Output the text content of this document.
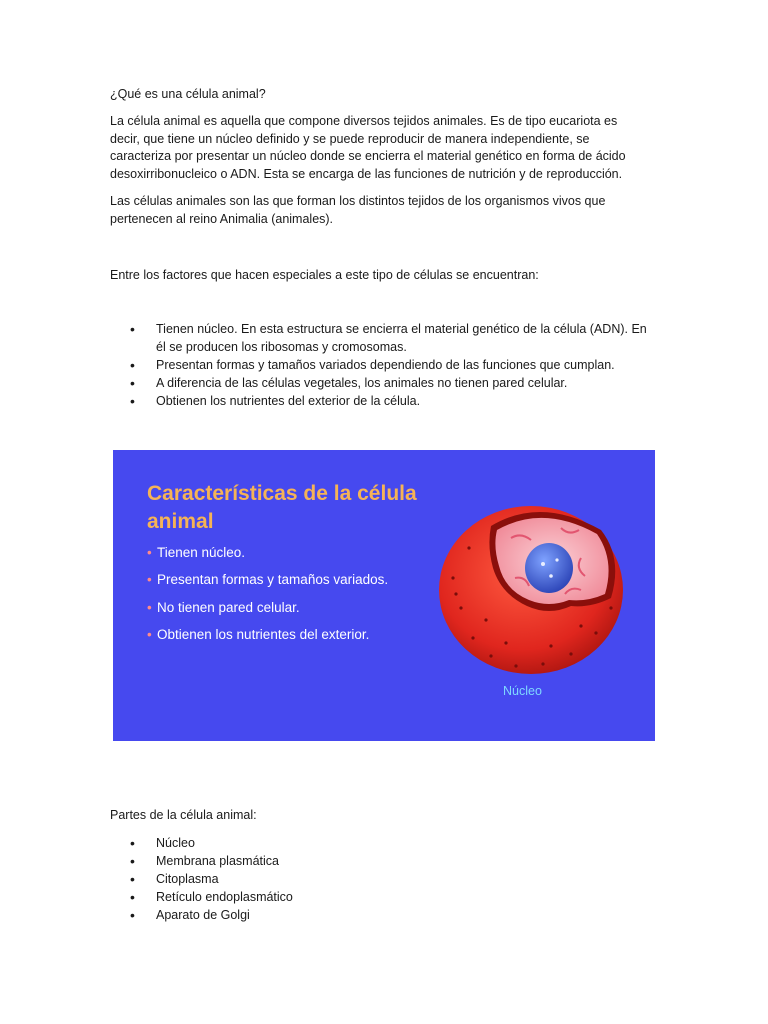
¿Qué es una célula animal?

La célula animal es aquella que compone diversos tejidos animales. Es de tipo eucariota es decir, que tiene un núcleo definido y se puede reproducir de manera independiente, se caracteriza por presentar un núcleo donde se encierra el material genético en forma de ácido desoxirribonucleico o ADN. Esta se encarga de las funciones de nutrición y de reproducción.

Las células animales son las que forman los distintos tejidos de los organismos vivos que pertenecen al reino Animalia (animales).

Entre los factores que hacen especiales a este tipo de células se encuentran:

• Tienen núcleo. En esta estructura se encierra el material genético de la célula (ADN). En él se producen los ribosomas y cromosomas.
• Presentan formas y tamaños variados dependiendo de las funciones que cumplan.
• A diferencia de las células vegetales, los animales no tienen pared celular.
• Obtienen los nutrientes del exterior de la célula.
Características de la célula animal
• Tienen núcleo.
• Presentan formas y tamaños variados.
• No tienen pared celular.
• Obtienen los nutrientes del exterior.
Núcleo

Partes de la célula animal:

• Núcleo
• Membrana plasmática
• Citoplasma
• Retículo endoplasmático
• Aparato de Golgi
